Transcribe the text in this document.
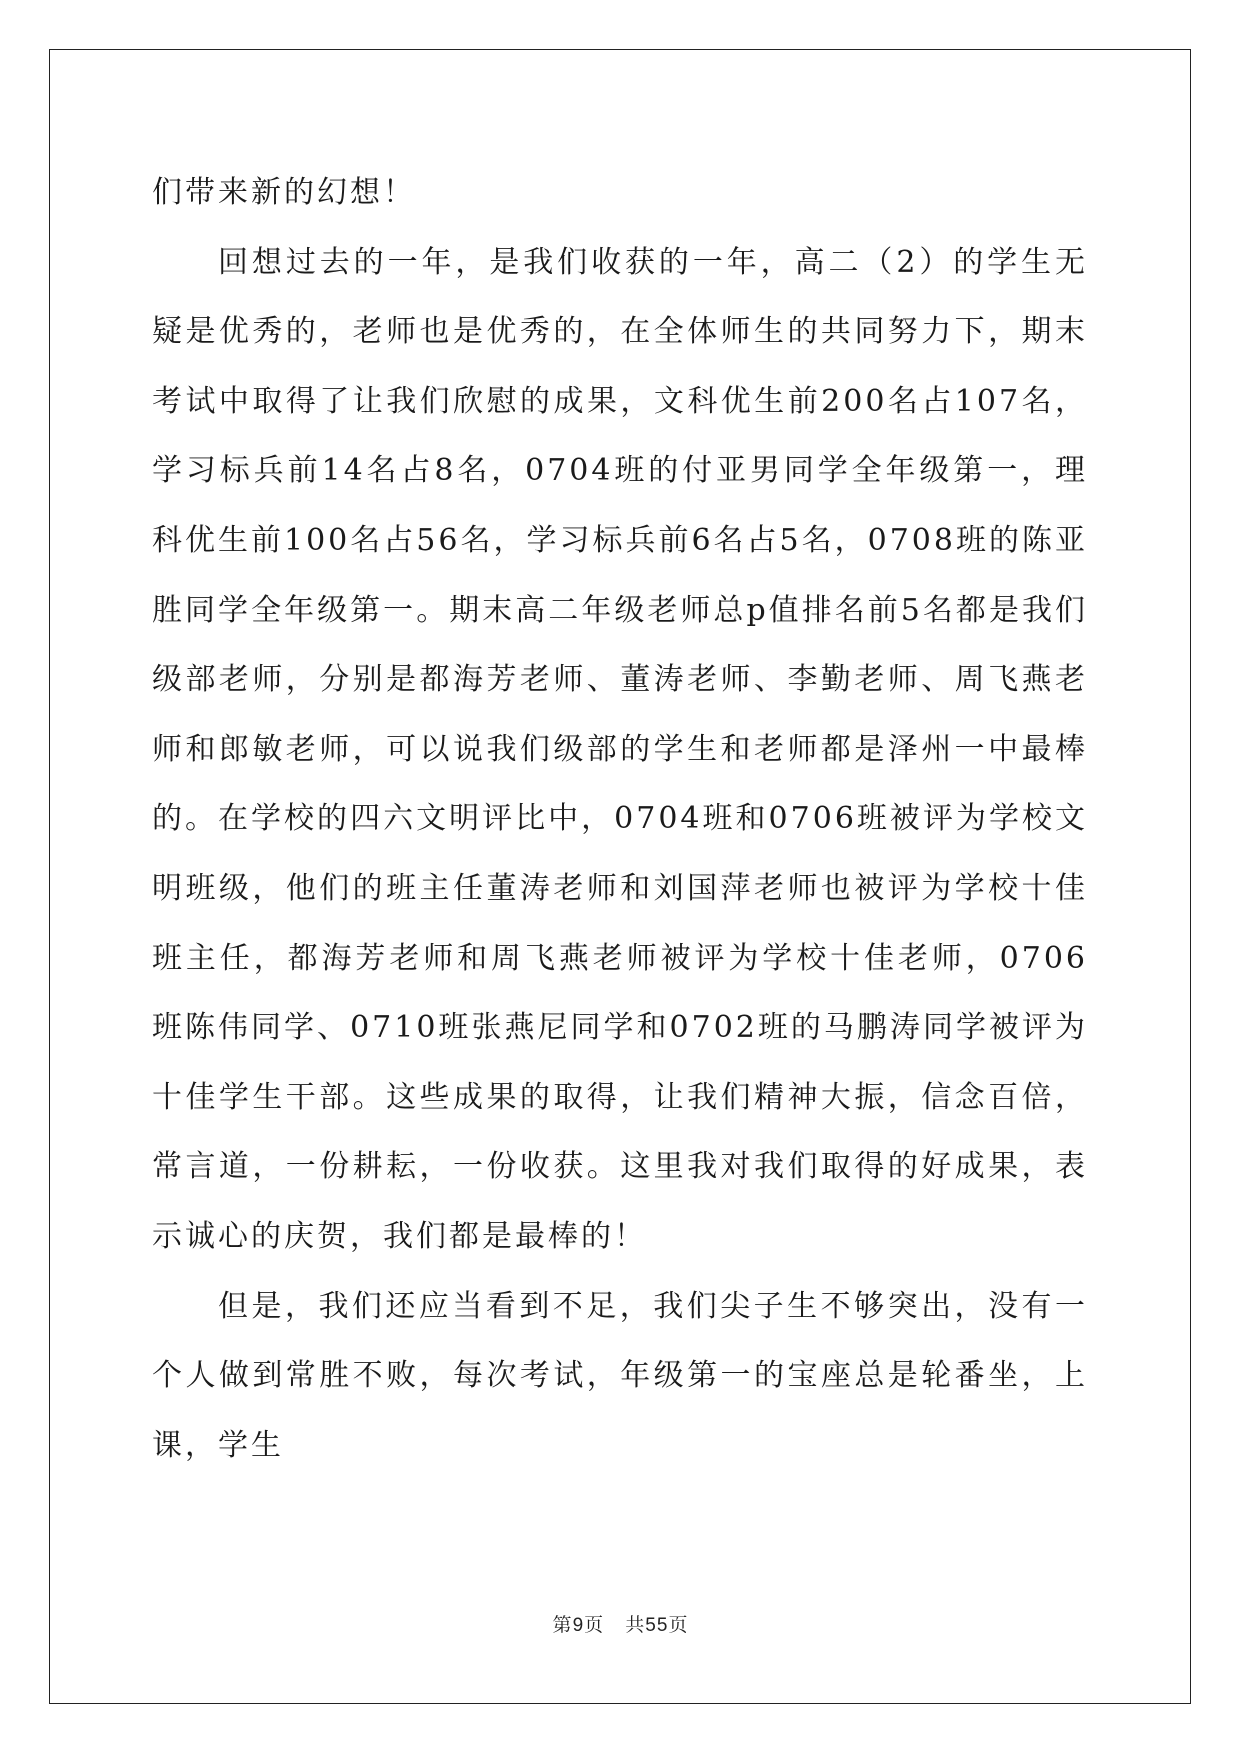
们带来新的幻想！

回想过去的一年，是我们收获的一年，高二（2）的学生无疑是优秀的，老师也是优秀的，在全体师生的共同努力下，期末考试中取得了让我们欣慰的成果，文科优生前200名占107名，学习标兵前14名占8名，0704班的付亚男同学全年级第一，理科优生前100名占56名，学习标兵前6名占5名，0708班的陈亚胜同学全年级第一。期末高二年级老师总p值排名前5名都是我们级部老师，分别是都海芳老师、董涛老师、李勤老师、周飞燕老师和郎敏老师，可以说我们级部的学生和老师都是泽州一中最棒的。在学校的四六文明评比中，0704班和0706班被评为学校文明班级，他们的班主任董涛老师和刘国萍老师也被评为学校十佳班主任，都海芳老师和周飞燕老师被评为学校十佳老师，0706班陈伟同学、0710班张燕尼同学和0702班的马鹏涛同学被评为十佳学生干部。这些成果的取得，让我们精神大振，信念百倍，常言道，一份耕耘，一份收获。这里我对我们取得的好成果，表示诚心的庆贺，我们都是最棒的！

但是，我们还应当看到不足，我们尖子生不够突出，没有一个人做到常胜不败，每次考试，年级第一的宝座总是轮番坐，上课，学生

第9页 共55页
